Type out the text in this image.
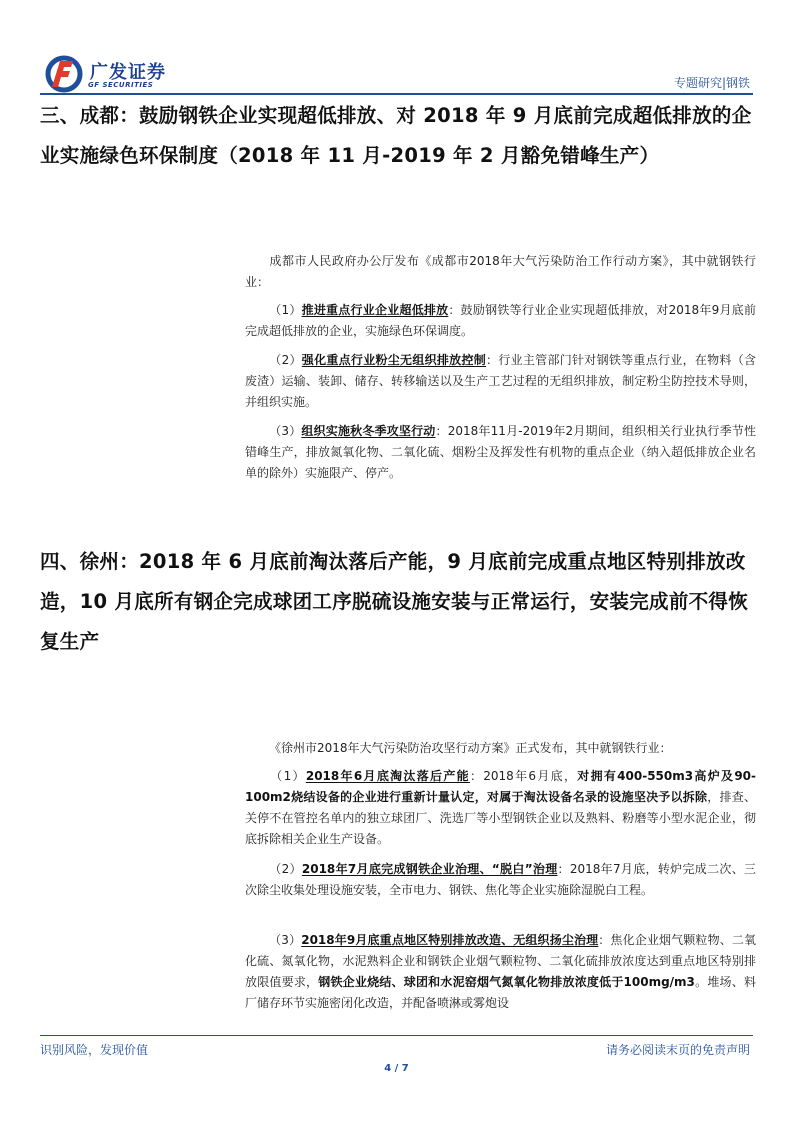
广发证券
GF SECURITIES	专题研究|钢铁
三、成都：鼓励钢铁企业实现超低排放、对 2018 年 9 月底前完成超低排放的企业实施绿色环保制度（2018 年 11 月-2019 年 2 月豁免错峰生产）

成都市人民政府办公厅发布《成都市2018年大气污染防治工作行动方案》，其中就钢铁行业：

（1）推进重点行业企业超低排放：鼓励钢铁等行业企业实现超低排放，对2018年9月底前完成超低排放的企业，实施绿色环保调度。

（2）强化重点行业粉尘无组织排放控制：行业主管部门针对钢铁等重点行业，在物料（含废渣）运输、装卸、储存、转移输送以及生产工艺过程的无组织排放，制定粉尘防控技术导则，并组织实施。

（3）组织实施秋冬季攻坚行动：2018年11月-2019年2月期间，组织相关行业执行季节性错峰生产，排放氮氧化物、二氧化硫、烟粉尘及挥发性有机物的重点企业（纳入超低排放企业名单的除外）实施限产、停产。

四、徐州：2018 年 6 月底前淘汰落后产能，9 月底前完成重点地区特别排放改造，10 月底所有钢企完成球团工序脱硫设施安装与正常运行，安装完成前不得恢复生产

《徐州市2018年大气污染防治攻坚行动方案》正式发布，其中就钢铁行业：

（1）2018年6月底淘汰落后产能：2018年6月底，对拥有400-550m3高炉及90-100m2烧结设备的企业进行重新计量认定，对属于淘汰设备名录的设施坚决予以拆除，排查、关停不在管控名单内的独立球团厂、洗选厂等小型钢铁企业以及熟料、粉磨等小型水泥企业，彻底拆除相关企业生产设备。

（2）2018年7月底完成钢铁企业治理、“脱白”治理：2018年7月底，转炉完成二次、三次除尘收集处理设施安装，全市电力、钢铁、焦化等企业实施除湿脱白工程。

（3）2018年9月底重点地区特别排放改造、无组织扬尘治理：焦化企业烟气颗粒物、二氧化硫、氮氧化物，水泥熟料企业和钢铁企业烟气颗粒物、二氧化硫排放浓度达到重点地区特别排放限值要求，钢铁企业烧结、球团和水泥窑烟气氮氧化物排放浓度低于100mg/m3。堆场、料厂储存环节实施密闭化改造，并配备喷淋或雾炮设

识别风险，发现价值	请务必阅读末页的免责声明
4 / 7
